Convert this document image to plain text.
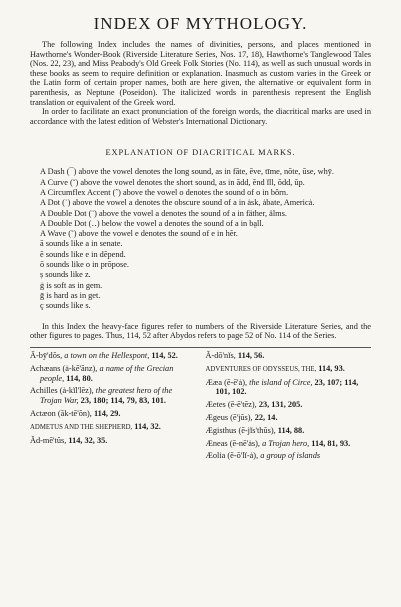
INDEX OF MYTHOLOGY.

The following Index includes the names of divinities, persons, and places mentioned in Hawthorne's Wonder-Book (Riverside Literature Series, Nos. 17, 18), Hawthorne's Tanglewood Tales (Nos. 22, 23), and Miss Peabody's Old Greek Folk Stories (No. 114), as well as such unusual words in these books as seem to require definition or explanation. Inasmuch as custom varies in the Greek or the Latin form of certain proper names, both are here given, the alternative or equivalent form in parenthesis, as Neptune (Poseidon). The italicized words in parenthesis represent the English translation or equivalent of the Greek word.

In order to facilitate an exact pronunciation of the foreign words, the diacritical marks are used in accordance with the latest edition of Webster's International Dictionary.

EXPLANATION OF DIACRITICAL MARKS.

A Dash (¯) above the vowel denotes the long sound, as in fāte, ēve, tīme, nōte, ūse, whȳ.

A Curve (˘) above the vowel denotes the short sound, as in ădd, ĕnd ĭll, ŏdd, ŭp.

A Circumflex Accent (ˆ) above the vowel o denotes the sound of o in bôrn.

A Dot (˙) above the vowel a denotes the obscure sound of a in ȧsk, ȧbate, Americȧ.

A Double Dot (¨) above the vowel a denotes the sound of a in fäther, älms.

A Double Dot (‥) below the vowel a denotes the sound of a in ba̤ll.

A Wave (˜) above the vowel e denotes the sound of e in hẽr.

ā sounds like a in senate.

ē sounds like e in dēpend.

ō sounds like o in prōpose.

ṣ sounds like z.

ġ is soft as in gem.

ḡ is hard as in get.

ç sounds like s.

In this Index the heavy-face figures refer to numbers of the Riverside Literature Series, and the other figures to pages. Thus, 114, 52 after Abydos refers to page 52 of No. 114 of the Series.

Ā-bȳ'dŏs, a town on the Hellespont, 114, 52.

Achæans (ȧ-kē'ănz), a name of the Grecian people, 114, 80.

Achilles (ȧ-kĭl'lēz), the greatest hero of the Trojan War, 23, 180; 114, 79, 83, 101.

Actæon (ăk-tē'ŏn), 114, 29.

ADMETUS AND THE SHEPHERD, 114, 32.

Ăd-mē'tŭs, 114, 32, 35.

Ă-dō'nĭs, 114, 56.

ADVENTURES OF ODYSSEUS, THE, 114, 93.

Ææa (ē-ē'ȧ), the island of Circe, 23, 107; 114, 101, 102.

Æetes (ē-ē'tēz), 23, 131, 205.

Ægeus (ē'jūs), 22, 14.

Ægisthus (ē-jĭs'thŭs), 114, 88.

Æneas (ē-nē'ȧs), a Trojan hero, 114, 81, 93.

Æolia (ē-ō'lĭ-ȧ), a group of islands
